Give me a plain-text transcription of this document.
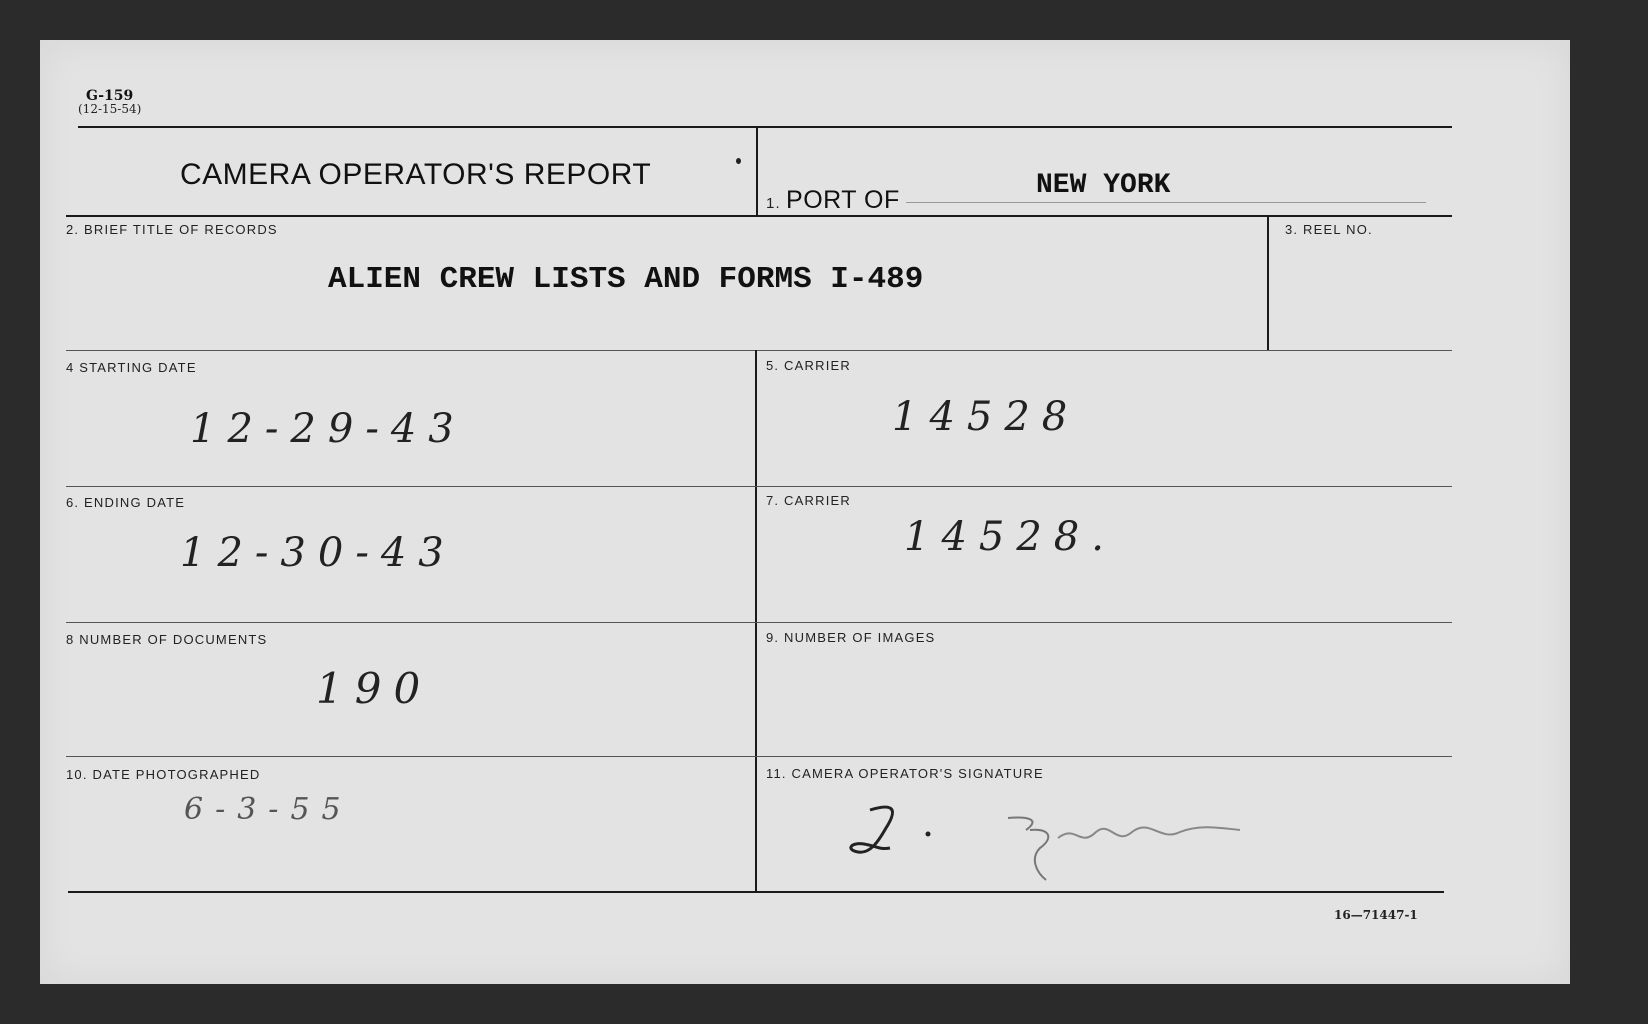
G-159
(12-15-54)
CAMERA OPERATOR'S REPORT
1. PORT OF	NEW YORK
2. BRIEF TITLE OF RECORDS
ALIEN CREW LISTS AND FORMS I-489
3. REEL NO.
4 STARTING DATE
12-29-43
5. CARRIER
14528
6. ENDING DATE
12-30-43
7. CARRIER
14528.
8 NUMBER OF DOCUMENTS
190
9. NUMBER OF IMAGES
10. DATE PHOTOGRAPHED
6-3-55
11. CAMERA OPERATOR'S SIGNATURE
16—71447-1
